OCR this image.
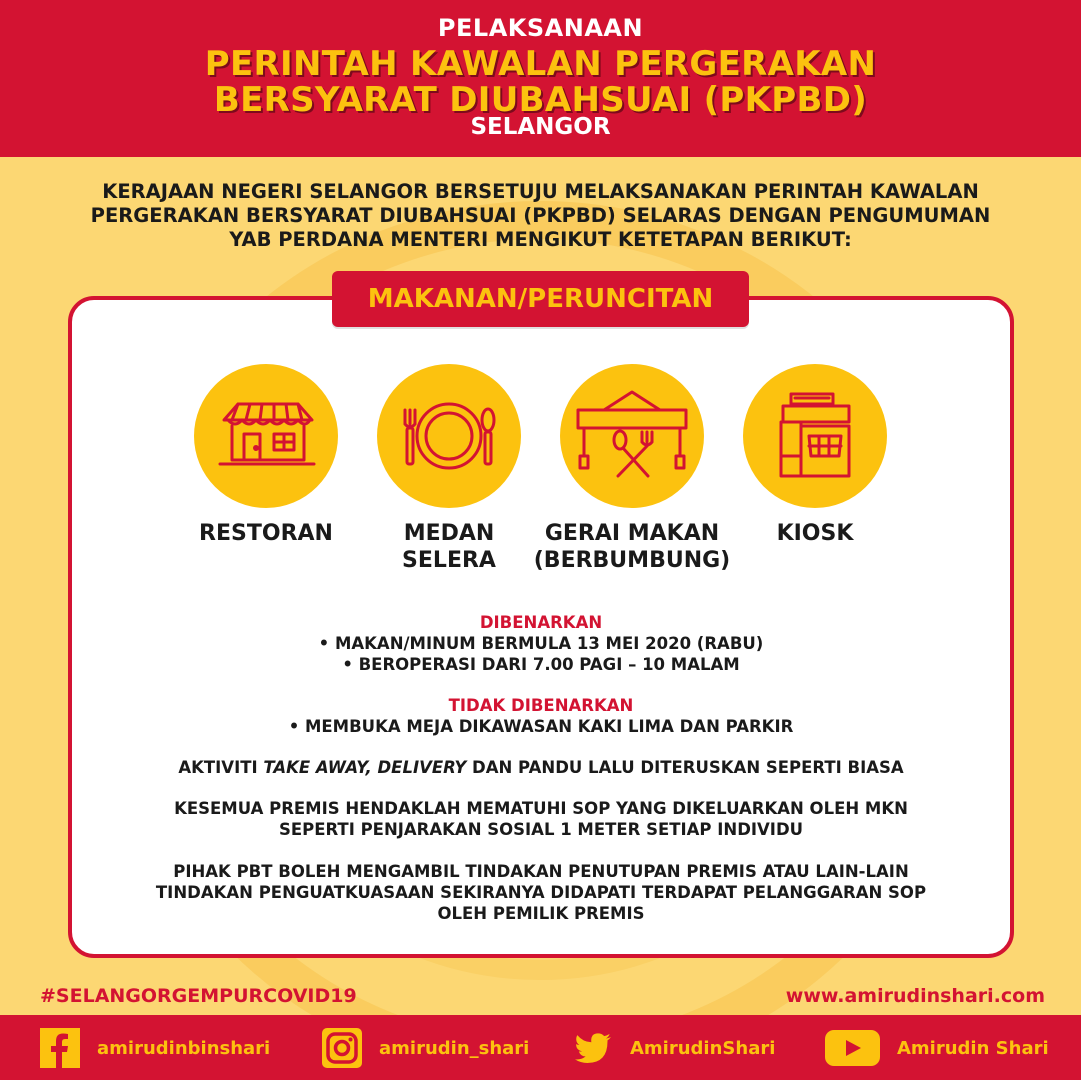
PELAKSANAAN
PERINTAH KAWALAN PERGERAKAN
BERSYARAT DIUBAHSUAI (PKPBD)
SELANGOR
KERAJAAN NEGERI SELANGOR BERSETUJU MELAKSANAKAN PERINTAH KAWALAN
PERGERAKAN BERSYARAT DIUBAHSUAI (PKPBD) SELARAS DENGAN PENGUMUMAN
YAB PERDANA MENTERI MENGIKUT KETETAPAN BERIKUT:
MAKANAN/PERUNCITAN
RESTORAN	MEDAN
SELERA
GERAI MAKAN
(BERBUMBUNG)
KIOSK
DIBENARKAN
• MAKAN/MINUM BERMULA 13 MEI 2020 (RABU)
• BEROPERASI DARI 7.00 PAGI – 10 MALAM
TIDAK DIBENARKAN
• MEMBUKA MEJA DIKAWASAN KAKI LIMA DAN PARKIR
AKTIVITI TAKE AWAY, DELIVERY DAN PANDU LALU DITERUSKAN SEPERTI BIASA
KESEMUA PREMIS HENDAKLAH MEMATUHI SOP YANG DIKELUARKAN OLEH MKN
SEPERTI PENJARAKAN SOSIAL 1 METER SETIAP INDIVIDU
PIHAK PBT BOLEH MENGAMBIL TINDAKAN PENUTUPAN PREMIS ATAU LAIN-LAIN
TINDAKAN PENGUATKUASAAN SEKIRANYA DIDAPATI TERDAPAT PELANGGARAN SOP
OLEH PEMILIK PREMIS
#SELANGORGEMPURCOVID19	www.amirudinshari.com
amirudinbinshari	amirudin_shari	AmirudinShari	Amirudin Shari
